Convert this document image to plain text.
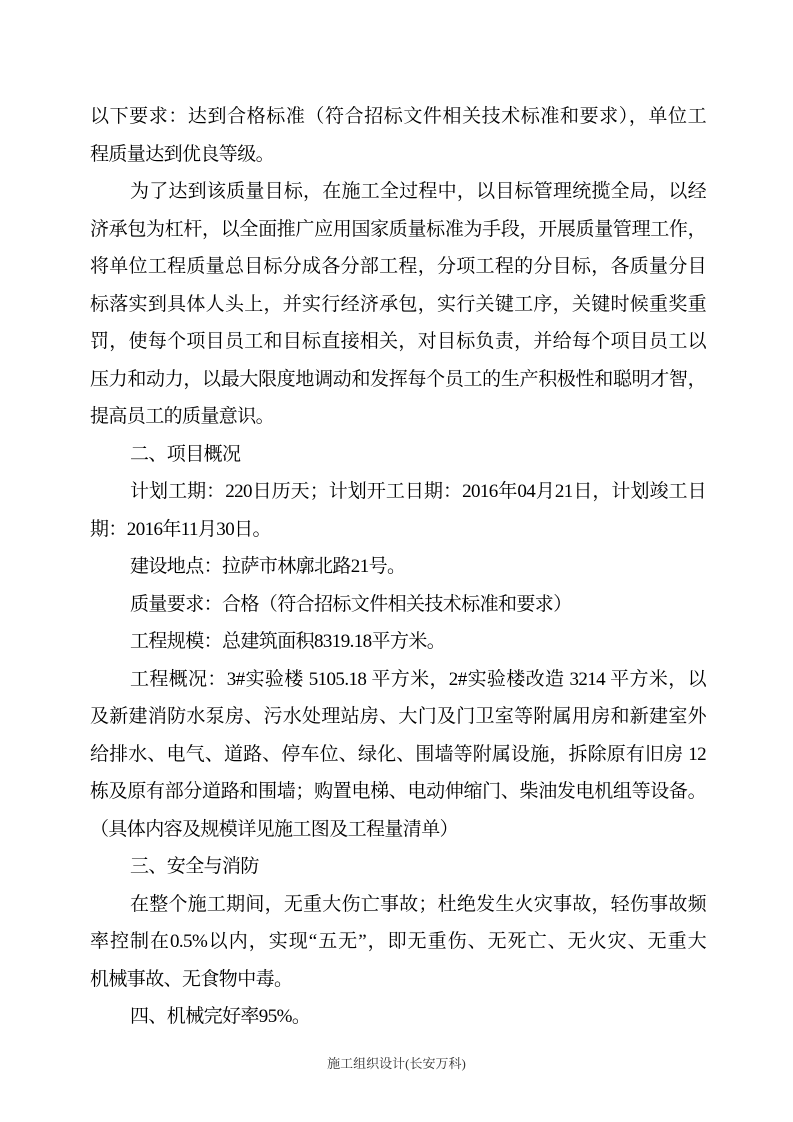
以下要求：达到合格标准（符合招标文件相关技术标准和要求），单位工
程质量达到优良等级。
为了达到该质量目标，在施工全过程中，以目标管理统揽全局，以经
济承包为杠杆，以全面推广应用国家质量标准为手段，开展质量管理工作，
将单位工程质量总目标分成各分部工程，分项工程的分目标，各质量分目
标落实到具体人头上，并实行经济承包，实行关键工序，关键时候重奖重
罚，使每个项目员工和目标直接相关，对目标负责，并给每个项目员工以
压力和动力，以最大限度地调动和发挥每个员工的生产积极性和聪明才智，
提高员工的质量意识。
二、项目概况
计划工期：220日历天；计划开工日期：2016年04月21日，计划竣工日
期：2016年11月30日。
建设地点：拉萨市林廓北路21号。
质量要求：合格（符合招标文件相关技术标准和要求）
工程规模：总建筑面积8319.18平方米。
工程概况：3#实验楼 5105.18 平方米，2#实验楼改造 3214 平方米，以
及新建消防水泵房、污水处理站房、大门及门卫室等附属用房和新建室外
给排水、电气、道路、停车位、绿化、围墙等附属设施，拆除原有旧房 12
栋及原有部分道路和围墙；购置电梯、电动伸缩门、柴油发电机组等设备。
（具体内容及规模详见施工图及工程量清单）
三、安全与消防
在整个施工期间，无重大伤亡事故；杜绝发生火灾事故，轻伤事故频
率控制在0.5%以内，实现“五无”，即无重伤、无死亡、无火灾、无重大
机械事故、无食物中毒。
四、机械完好率95%。
施工组织设计(长安万科)
